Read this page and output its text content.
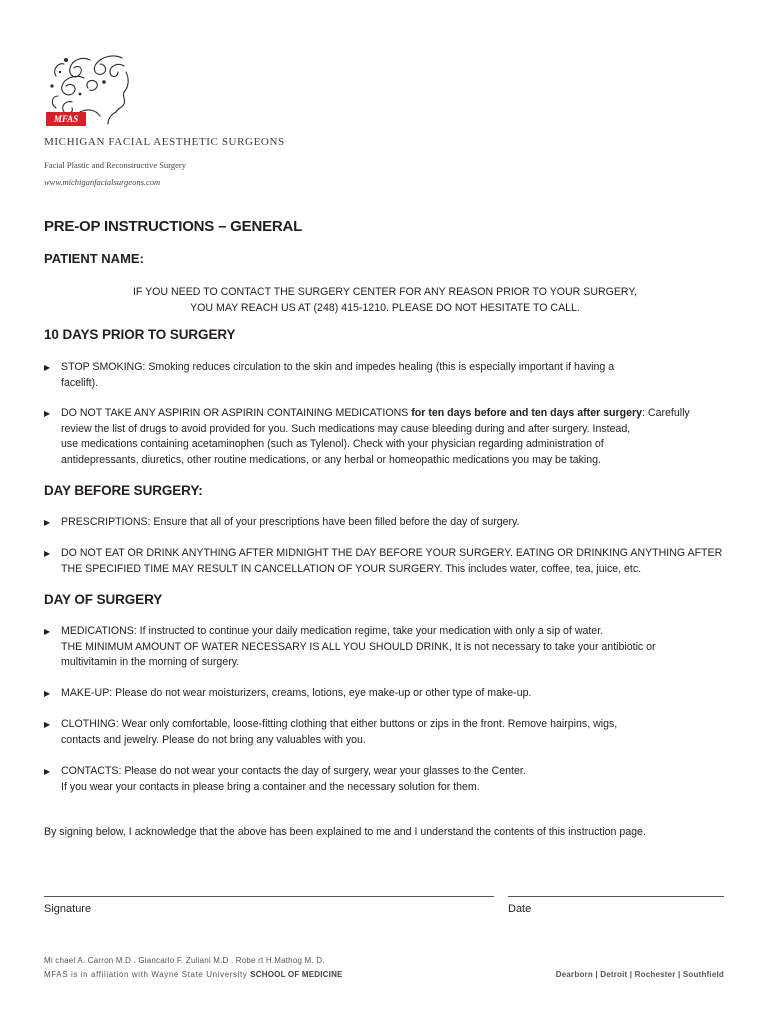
MFAS
MICHIGAN FACIAL AESTHETIC SURGEONS
Facial Plastic and Reconstructive Surgery
www.michiganfacialsurgeons.com
PRE-OP INSTRUCTIONS – GENERAL
PATIENT NAME:
IF YOU NEED TO CONTACT THE SURGERY CENTER FOR ANY REASON PRIOR TO YOUR SURGERY,
YOU MAY REACH US AT (248) 415-1210. PLEASE DO NOT HESITATE TO CALL.
10 DAYS PRIOR TO SURGERY
▶ STOP SMOKING: Smoking reduces circulation to the skin and impedes healing (this is especially important if having a
facelift).
▶ DO NOT TAKE ANY ASPIRIN OR ASPIRIN CONTAINING MEDICATIONS for ten days before and ten days after surgery: Carefully
review the list of drugs to avoid provided for you. Such medications may cause bleeding during and after surgery. Instead,
use medications containing acetaminophen (such as Tylenol). Check with your physician regarding administration of
antidepressants, diuretics, other routine medications, or any herbal or homeopathic medications you may be taking.
DAY BEFORE SURGERY:
▶ PRESCRIPTIONS: Ensure that all of your prescriptions have been filled before the day of surgery.
▶ DO NOT EAT OR DRINK ANYTHING AFTER MIDNIGHT THE DAY BEFORE YOUR SURGERY. EATING OR DRINKING ANYTHING AFTER
THE SPECIFIED TIME MAY RESULT IN CANCELLATION OF YOUR SURGERY. This includes water, coffee, tea, juice, etc.
DAY OF SURGERY
▶ MEDICATIONS: If instructed to continue your daily medication regime, take your medication with only a sip of water.
THE MINIMUM AMOUNT OF WATER NECESSARY IS ALL YOU SHOULD DRINK, It is not necessary to take your antibiotic or
multivitamin in the morning of surgery.
▶ MAKE-UP: Please do not wear moisturizers, creams, lotions, eye make-up or other type of make-up.
▶ CLOTHING: Wear only comfortable, loose-fitting clothing that either buttons or zips in the front. Remove hairpins, wigs,
contacts and jewelry. Please do not bring any valuables with you.
▶ CONTACTS: Please do not wear your contacts the day of surgery, wear your glasses to the Center.
If you wear your contacts in please bring a container and the necessary solution for them.
By signing below, I acknowledge that the above has been explained to me and I understand the contents of this instruction page.
Signature	Date
Mi chael A. Carron M.D . Giancarlo F. Zuliani M.D . Robe rt H.Mathog M. D.
MFAS is in affiliation with Wayne State University SCHOOL OF MEDICINE	Dearborn | Detroit | Rochester | Southfield
